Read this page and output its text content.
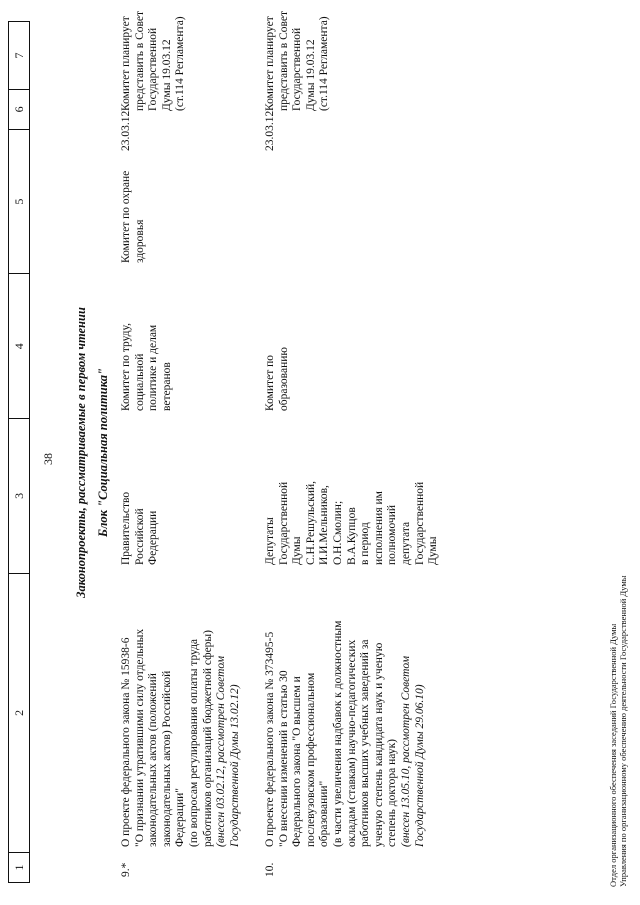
1
2
3
4
5
6
7
38 Законопроекты, рассматриваемые в первом чтении Блок "Социальная политика"
9.*
О проекте федерального закона № 15938-6 "О признании утратившими силу отдельных законодательных актов (положений законодательных актов) Российской Федерации" (по вопросам регулирования оплаты труда работников организаций бюджетной сферы) (внесен 03.02.12, рассмотрен Советом Государственной Думы 13.02.12)
Правительство Российской Федерации
Комитет по труду, социальной политике и делам ветеранов
Комитет по охране здоровья
23.03.12
Комитет планирует представить в Совет Государственной Думы 19.03.12 (ст.114 Регламента)
10.
О проекте федерального закона № 373495-5 "О внесении изменений в статью 30 Федерального закона "О высшем и послевузовском профессиональном образовании" (в части увеличения надбавок к должностным окладам (ставкам) научно-педагогических работников высших учебных заведений за ученую степень кандидата наук и ученую степень доктора наук) (внесен 13.05.10, рассмотрен Советом Государственной Думы 29.06.10)
Депутаты Государственной Думы С.Н.Решульский, И.И.Мельников, О.Н.Смолин; В.А.Купцов в период исполнения им полномочий депутата Государственной Думы
Комитет по образованию
23.03.12
Комитет планирует представить в Совет Государственной Думы 19.03.12 (ст.114 Регламента)
Отдел организационного обеспечения заседаний Государственной Думы Управления по организационному обеспечению деятельности Государственной Думы
